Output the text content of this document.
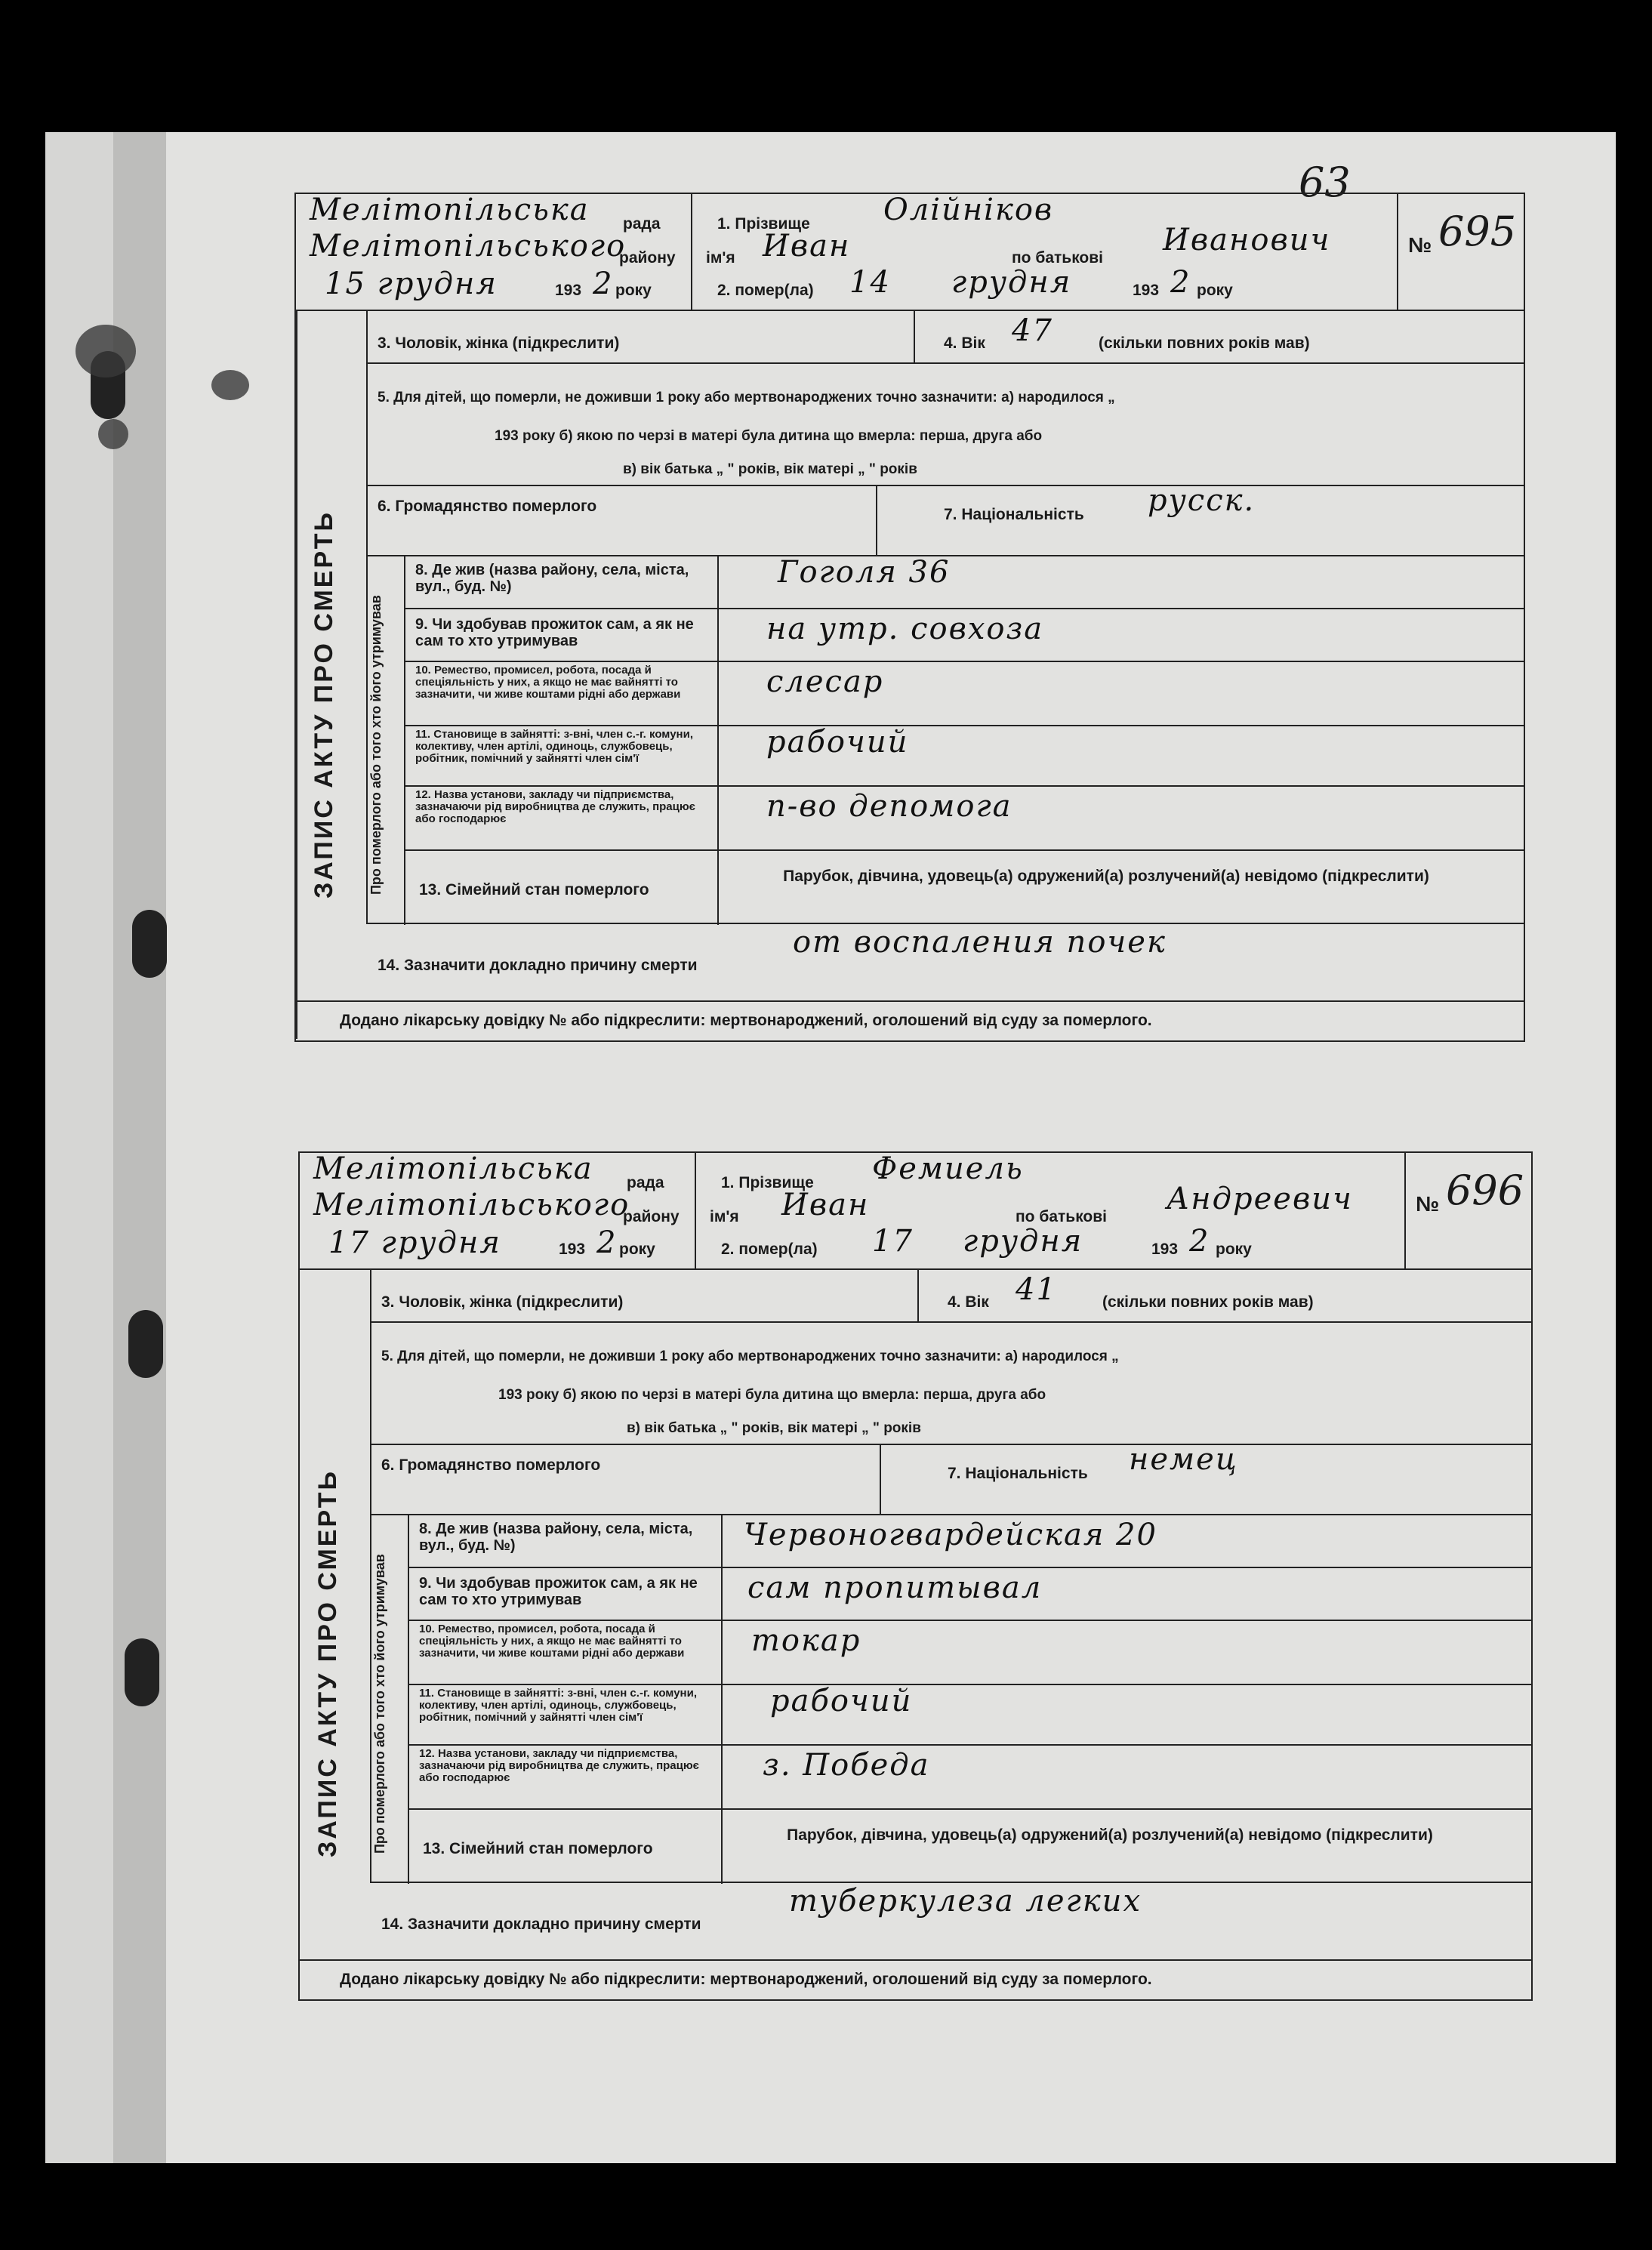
63
Мелітопільська рада
Мелітопільського
району
15 грудня	193 2 року
1. Прізвище Олійніков
ім'я Иван	по батькові
Иванович
2. помер(ла) 14 грудня	193 2 року
№ 695
ЗАПИС АКТУ ПРО СМЕРТЬ Про померлого або того хто його утримував
3. Чоловік, жінка (підкреслити)	4. Вік 47	(скільки повних років мав)
5. Для дітей, що померли, не доживши 1 року або мертвонароджених точно зазначити: а) народилося „
193 року б) якою по черзі в матері була дитина що вмерла: перша, друга або
в) вік батька „ " років, вік матері „ " років
6. Громадянство померлого	7. Національність русск.
8. Де жив (назва району, села, міста, вул., буд. №)	Гоголя 36
9. Чи здобував прожиток сам, а як не сам то хто утримував	на утр. совхоза
10. Ремество, промисел, робота, посада й спеціяльність у них, а якщо не має вайнятті то зазначити, чи живе коштами рідні або держави	слесар
11. Становище в зайнятті: з-вні, член с.-г. комуни, колективу, член артілі, одиноць, службовець, робітник, помічний у зайнятті член сім'ї	рабочий
12. Назва установи, закладу чи підприємства, зазначаючи рід виробництва де служить, працює або господарює	п-во депомога
13. Сімейний стан померлого
Парубок, дівчина, удовець(а) одружений(а) розлучений(а) невідомо (підкреслити)
14. Зазначити докладно причину смерти
от воспаления почек
Додано лікарську довідку № або підкреслити: мертвонароджений, оголошений від суду за померлого.
Мелітопільська рада
Мелітопільського
району
17 грудня	193 2 року
1. Прізвище Фемиель
ім'я Иван	по батькові
Андреевич
2. помер(ла) 17 грудня	193 2 року
№ 696
ЗАПИС АКТУ ПРО СМЕРТЬ Про померлого або того хто його утримував
3. Чоловік, жінка (підкреслити)	4. Вік 41	(скільки повних років мав)
5. Для дітей, що померли, не доживши 1 року або мертвонароджених точно зазначити: а) народилося „
193 року б) якою по черзі в матері була дитина що вмерла: перша, друга або
в) вік батька „ " років, вік матері „ " років
6. Громадянство померлого	7. Національність немец
8. Де жив (назва району, села, міста, вул., буд. №)	Червоногвардейская 20
9. Чи здобував прожиток сам, а як не сам то хто утримував	сам пропитывал
10. Ремество, промисел, робота, посада й спеціяльність у них, а якщо не має вайнятті то зазначити, чи живе коштами рідні або держави	токар
11. Становище в зайнятті: з-вні, член с.-г. комуни, колективу, член артілі, одиноць, службовець, робітник, помічний у зайнятті член сім'ї	рабочий
12. Назва установи, закладу чи підприємства, зазначаючи рід виробництва де служить, працює або господарює	з. Победа
13. Сімейний стан померлого
Парубок, дівчина, удовець(а) одружений(а) розлучений(а) невідомо (підкреслити)
14. Зазначити докладно причину смерти
туберкулеза легких
Додано лікарську довідку № або підкреслити: мертвонароджений, оголошений від суду за померлого.
